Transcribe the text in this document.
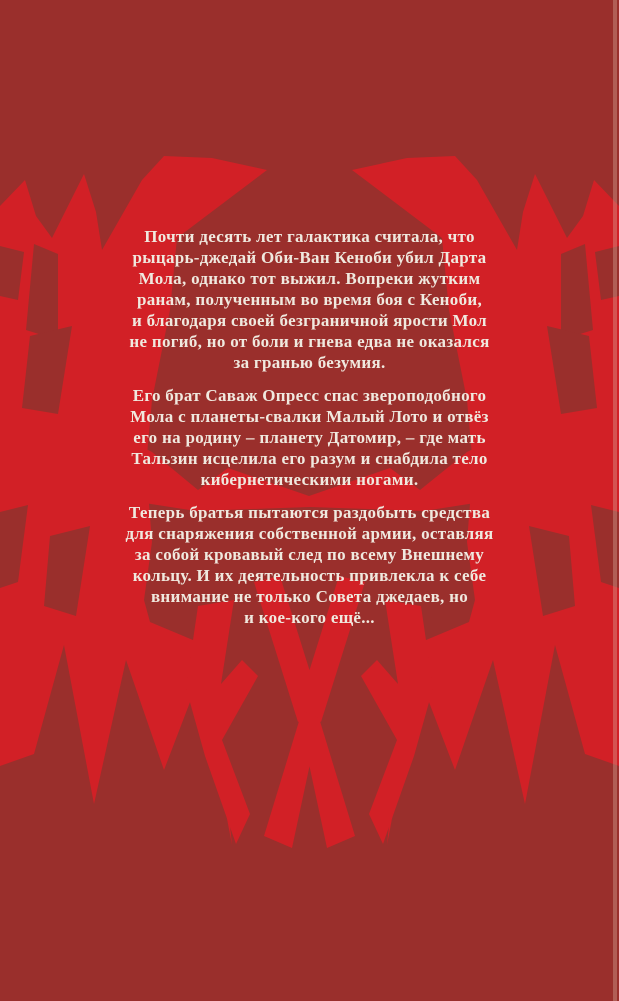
Почти десять лет галактика считала, что
рыцарь-джедай Оби-Ван Кеноби убил Дарта
Мола, однако тот выжил. Вопреки жутким
ранам, полученным во время боя с Кеноби,
и благодаря своей безграничной ярости Мол
не погиб, но от боли и гнева едва не оказался
за гранью безумия.

Его брат Саваж Опресс спас звероподобного
Мола с планеты-свалки Малый Лото и отвёз
его на родину – планету Датомир, – где мать
Тальзин исцелила его разум и снабдила тело
кибернетическими ногами.

Теперь братья пытаются раздобыть средства
для снаряжения собственной армии, оставляя
за собой кровавый след по всему Внешнему
кольцу. И их деятельность привлекла к себе
внимание не только Совета джедаев, но
и кое-кого ещё...
